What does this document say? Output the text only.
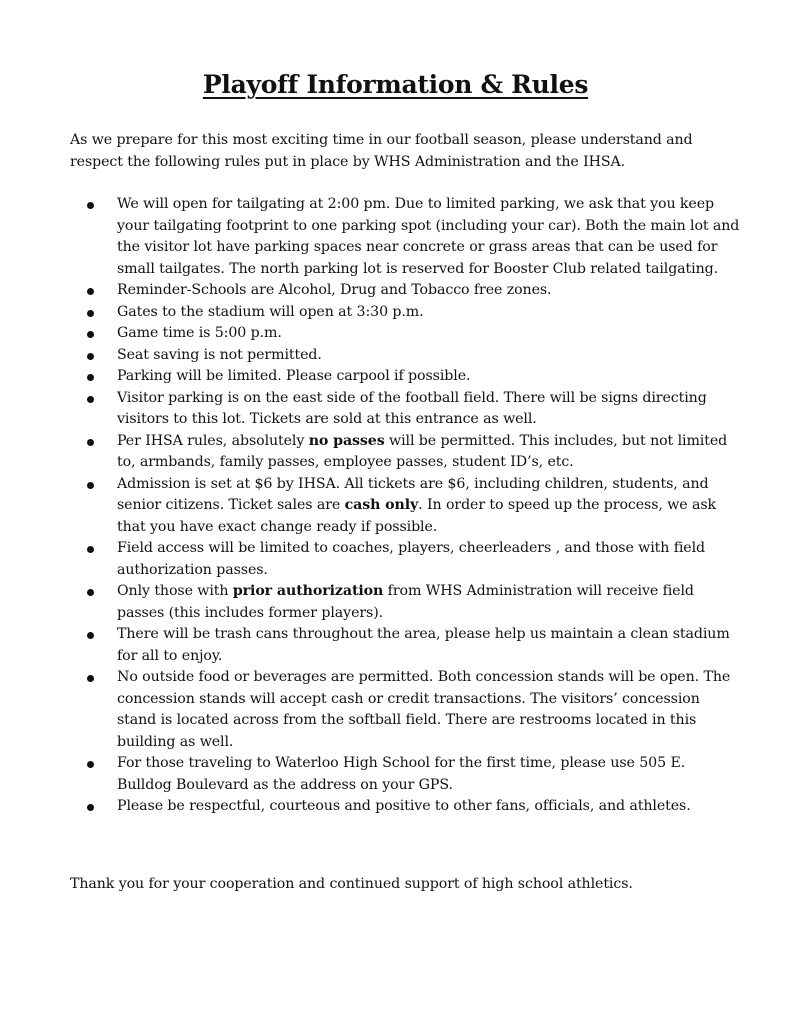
Playoff Information & Rules
As we prepare for this most exciting time in our football season, please understand and respect the following rules put in place by WHS Administration and the IHSA.
We will open for tailgating at 2:00 pm. Due to limited parking, we ask that you keep your tailgating footprint to one parking spot (including your car). Both the main lot and the visitor lot have parking spaces near concrete or grass areas that can be used for small tailgates. The north parking lot is reserved for Booster Club related tailgating.
Reminder-Schools are Alcohol, Drug and Tobacco free zones.
Gates to the stadium will open at 3:30 p.m.
Game time is 5:00 p.m.
Seat saving is not permitted.
Parking will be limited. Please carpool if possible.
Visitor parking is on the east side of the football field. There will be signs directing visitors to this lot. Tickets are sold at this entrance as well.
Per IHSA rules, absolutely no passes will be permitted. This includes, but not limited to, armbands, family passes, employee passes, student ID’s, etc.
Admission is set at $6 by IHSA. All tickets are $6, including children, students, and senior citizens. Ticket sales are cash only. In order to speed up the process, we ask that you have exact change ready if possible.
Field access will be limited to coaches, players, cheerleaders , and those with field authorization passes.
Only those with prior authorization from WHS Administration will receive field passes (this includes former players).
There will be trash cans throughout the area, please help us maintain a clean stadium for all to enjoy.
No outside food or beverages are permitted. Both concession stands will be open. The concession stands will accept cash or credit transactions. The visitors’ concession stand is located across from the softball field. There are restrooms located in this building as well.
For those traveling to Waterloo High School for the first time, please use 505 E. Bulldog Boulevard as the address on your GPS.
Please be respectful, courteous and positive to other fans, officials, and athletes.
Thank you for your cooperation and continued support of high school athletics.
